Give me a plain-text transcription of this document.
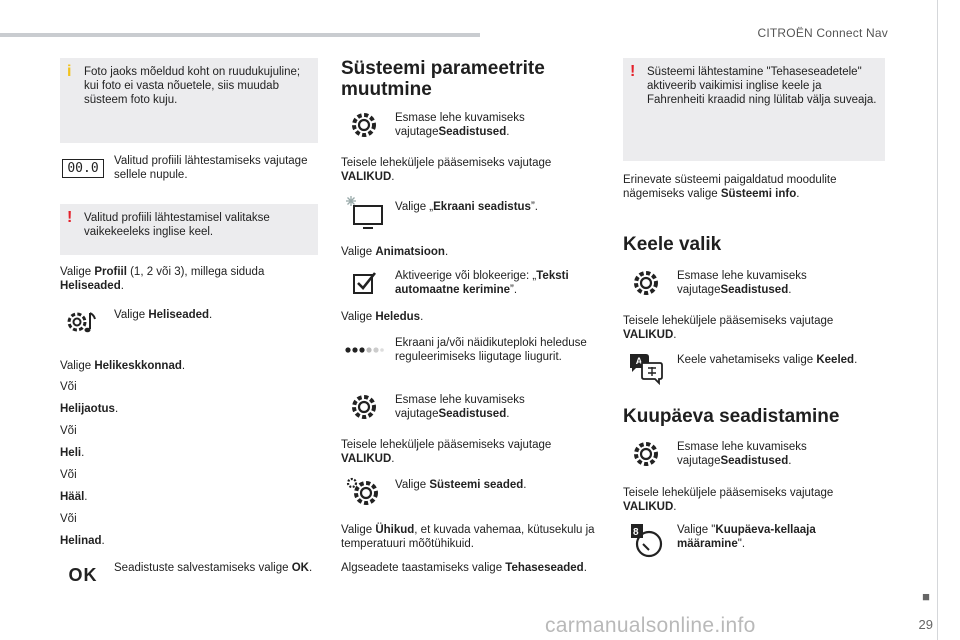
CITROËN Connect Nav
■
29
carmanualsonline.info
i Foto jaoks mõeldud koht on ruudukujuline; kui foto ei vasta nõuetele, siis muudab süsteem foto kuju.
00.0	Valitud profiili lähtestamiseks vajutage sellele nupule.
! Valitud profiili lähtestamisel valitakse vaikekeeleks inglise keel.
Valige Profiil (1, 2 või 3), millega siduda Heliseaded.
Valige Heliseaded.
Valige Helikeskkonnad.
Või
Helijaotus.
Või
Heli.
Või
Hääl.
Või
Helinad.
OK Seadistuste salvestamiseks valige OK.
Süsteemi parameetrite muutmine
Esmase lehe kuvamiseks vajutageSeadistused.
Teisele leheküljele pääsemiseks vajutage VALIKUD.
Valige „Ekraani seadistus”.
Valige Animatsioon.
Aktiveerige või blokeerige: „Teksti automaatne kerimine”.
Valige Heledus.
Ekraani ja/või näidikuteploki heleduse reguleerimiseks liigutage liugurit.
Esmase lehe kuvamiseks vajutageSeadistused.
Teisele leheküljele pääsemiseks vajutage VALIKUD.
Valige Süsteemi seaded.
Valige Ühikud, et kuvada vahemaa, kütusekulu ja temperatuuri mõõtühikuid.
Algseadete taastamiseks valige Tehaseseaded.
! Süsteemi lähtestamine "Tehaseseadetele" aktiveerib vaikimisi inglise keele ja Fahrenheiti kraadid ning lülitab välja suveaja.
Erinevate süsteemi paigaldatud moodulite nägemiseks valige Süsteemi info.
Keele valik
Esmase lehe kuvamiseks vajutageSeadistused.
Teisele leheküljele pääsemiseks vajutage VALIKUD.
A	Keele vahetamiseks valige Keeled.
Kuupäeva seadistamine
Esmase lehe kuvamiseks vajutageSeadistused.
Teisele leheküljele pääsemiseks vajutage VALIKUD.
8	Valige "Kuupäeva-kellaaja määramine".
